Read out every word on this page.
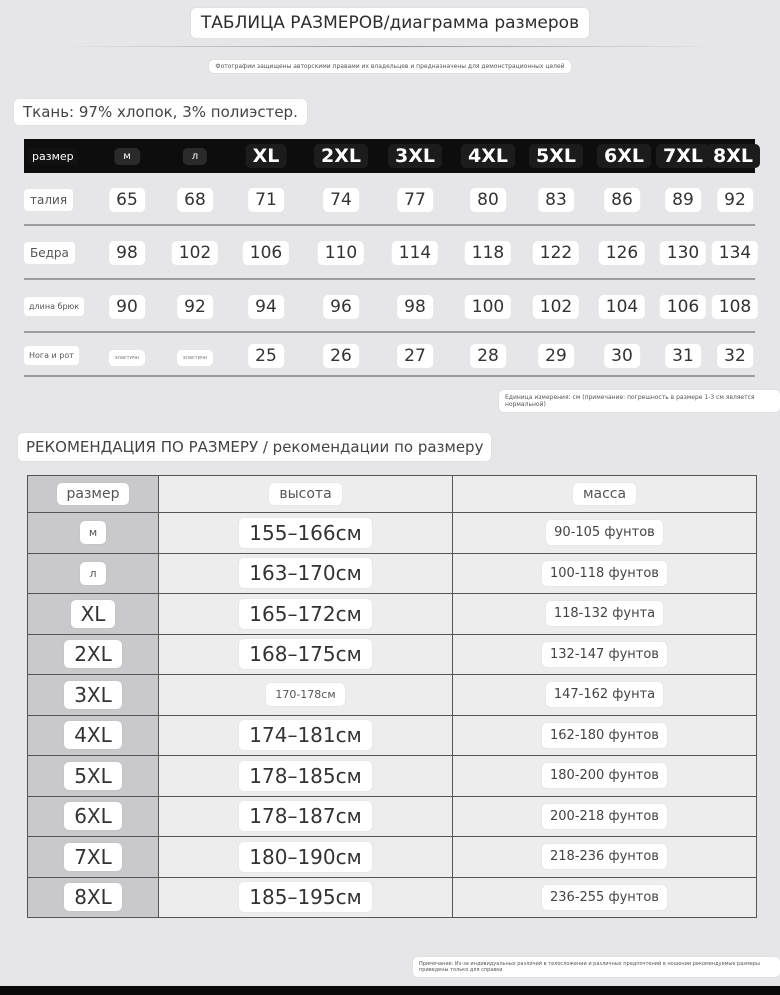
ТАБЛИЦА РАЗМЕРОВ/диаграмма размеров
Фотографии защищены авторскими правами их владельцев и предназначены для демонстрационных целей
Ткань: 97% хлопок, 3% полиэстер.
размер	м	л	XL	2XL	3XL	4XL	5XL	6XL	7XL 8XL
талия	65	68	71	74	77	80	83	86	89	92
Бедра	98	102	106	110	114	118	122	126	130	134
длина брюк	90	92	94	96	98	100	102	104	106	108
Нога и рот	эластичн	эластичн	25	26	27	28	29	30	31	32
Единица измерения: см (примечание: погрешность в размере 1-3 см является нормальной)
РЕКОМЕНДАЦИЯ ПО РАЗМЕРУ / рекомендации по размеру
размер	высота	масса
м	155–166см	90-105 фунтов
л	163–170см	100-118 фунтов
XL	165–172см	118-132 фунта
2XL	168–175см	132-147 фунтов
3XL	170-178см	147-162 фунта
4XL	174–181см	162-180 фунтов
5XL	178–185см	180-200 фунтов
6XL	178–187см	200-218 фунтов
7XL	180–190см	218-236 фунтов
8XL	185–195см	236-255 фунтов
Примечание: Из-за индивидуальных различий в телосложении и различных предпочтений в ношении рекомендуемые размеры приведены только для справки
